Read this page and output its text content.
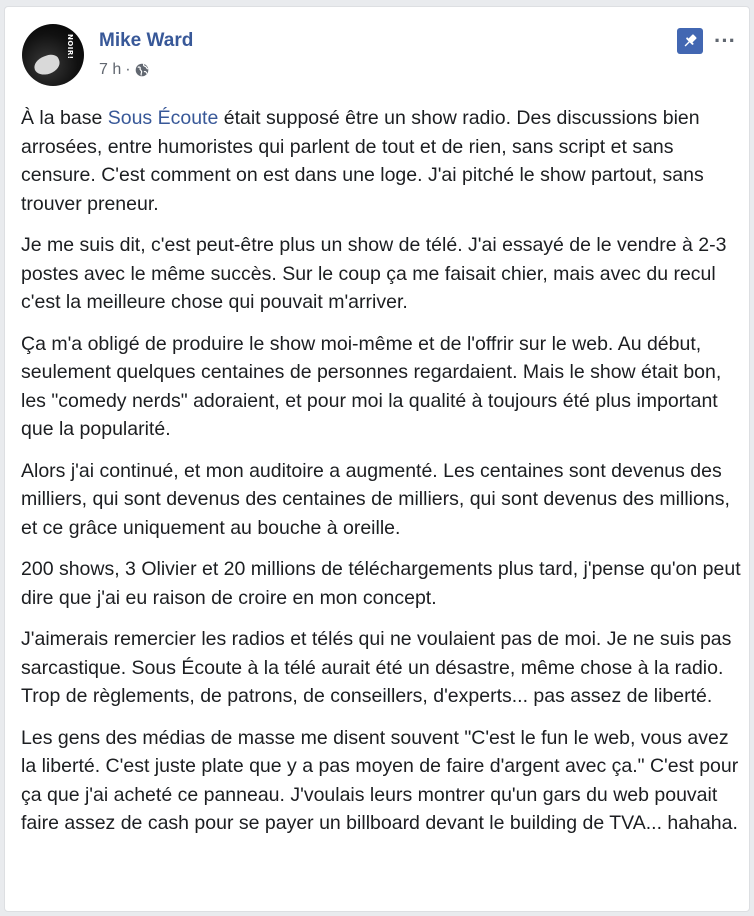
NOIR! Mike Ward
7 h ·
···

À la base Sous Écoute était supposé être un show radio. Des discussions bien arrosées, entre humoristes qui parlent de tout et de rien, sans script et sans censure. C'est comment on est dans une loge. J'ai pitché le show partout, sans trouver preneur.

Je me suis dit, c'est peut-être plus un show de télé. J'ai essayé de le vendre à 2-3 postes avec le même succès. Sur le coup ça me faisait chier, mais avec du recul c'est la meilleure chose qui pouvait m'arriver.

Ça m'a obligé de produire le show moi-même et de l'offrir sur le web. Au début, seulement quelques centaines de personnes regardaient. Mais le show était bon, les "comedy nerds" adoraient, et pour moi la qualité à toujours été plus important que la popularité.

Alors j'ai continué, et mon auditoire a augmenté. Les centaines sont devenus des milliers, qui sont devenus des centaines de milliers, qui sont devenus des millions, et ce grâce uniquement au bouche à oreille.

200 shows, 3 Olivier et 20 millions de téléchargements plus tard, j'pense qu'on peut dire que j'ai eu raison de croire en mon concept.

J'aimerais remercier les radios et télés qui ne voulaient pas de moi. Je ne suis pas sarcastique. Sous Écoute à la télé aurait été un désastre, même chose à la radio. Trop de règlements, de patrons, de conseillers, d'experts... pas assez de liberté.

Les gens des médias de masse me disent souvent "C'est le fun le web, vous avez la liberté. C'est juste plate que y a pas moyen de faire d'argent avec ça." C'est pour ça que j'ai acheté ce panneau. J'voulais leurs montrer qu'un gars du web pouvait faire assez de cash pour se payer un billboard devant le building de TVA... hahaha.
